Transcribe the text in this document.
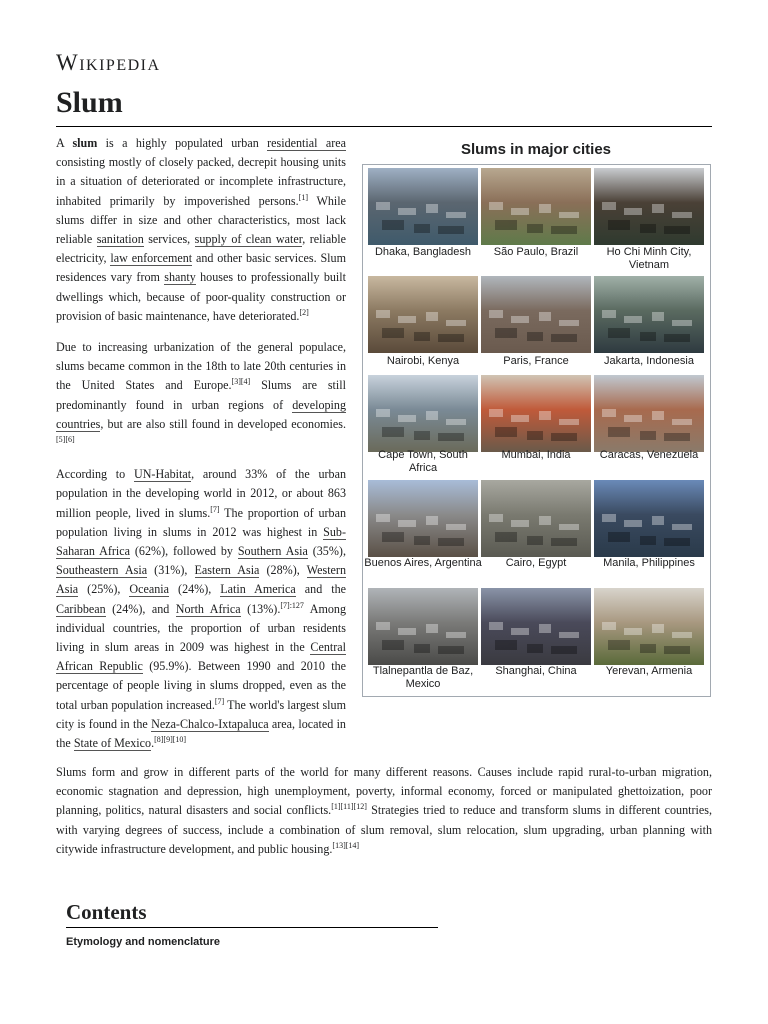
Wikipedia
Slum

A slum is a highly populated urban residential area consisting mostly of closely packed, decrepit housing units in a situation of deteriorated or incomplete infrastructure, inhabited primarily by impoverished persons.[1] While slums differ in size and other characteristics, most lack reliable sanitation services, supply of clean water, reliable electricity, law enforcement and other basic services. Slum residences vary from shanty houses to professionally built dwellings which, because of poor-quality construction or provision of basic maintenance, have deteriorated.[2]

Due to increasing urbanization of the general populace, slums became common in the 18th to late 20th centuries in the United States and Europe.[3][4] Slums are still predominantly found in urban regions of developing countries, but are also still found in developed economies.[5][6]

According to UN-Habitat, around 33% of the urban population in the developing world in 2012, or about 863 million people, lived in slums.[7] The proportion of urban population living in slums in 2012 was highest in Sub-Saharan Africa (62%), followed by Southern Asia (35%), Southeastern Asia (31%), Eastern Asia (28%), Western Asia (25%), Oceania (24%), Latin America and the Caribbean (24%), and North Africa (13%).$^{[7]:127}$ Among individual countries, the proportion of urban residents living in slum areas in 2009 was highest in the Central African Republic (95.9%). Between 1990 and 2010 the percentage of people living in slums dropped, even as the total urban population increased.[7] The world's largest slum city is found in the Neza-Chalco-Ixtapaluca area, located in the State of Mexico.[8][9][10]

Slums form and grow in different parts of the world for many different reasons. Causes include rapid rural-to-urban migration, economic stagnation and depression, high unemployment, poverty, informal economy, forced or manipulated ghettoization, poor planning, politics, natural disasters and social conflicts.[1][11][12] Strategies tried to reduce and transform slums in different countries, with varying degrees of success, include a combination of slum removal, slum relocation, slum upgrading, urban planning with citywide infrastructure development, and public housing.[13][14]
Slums in major cities
Dhaka, Bangladesh	São Paulo, Brazil	Ho Chi Minh City, Vietnam
Nairobi, Kenya	Paris, France	Jakarta, Indonesia
Cape Town, South Africa
Mumbai, India	Caracas, Venezuela
Buenos Aires, Argentina	Cairo, Egypt	Manila, Philippines
Tlalnepantla de Baz, Mexico
Shanghai, China	Yerevan, Armenia
Contents
Etymology and nomenclature
